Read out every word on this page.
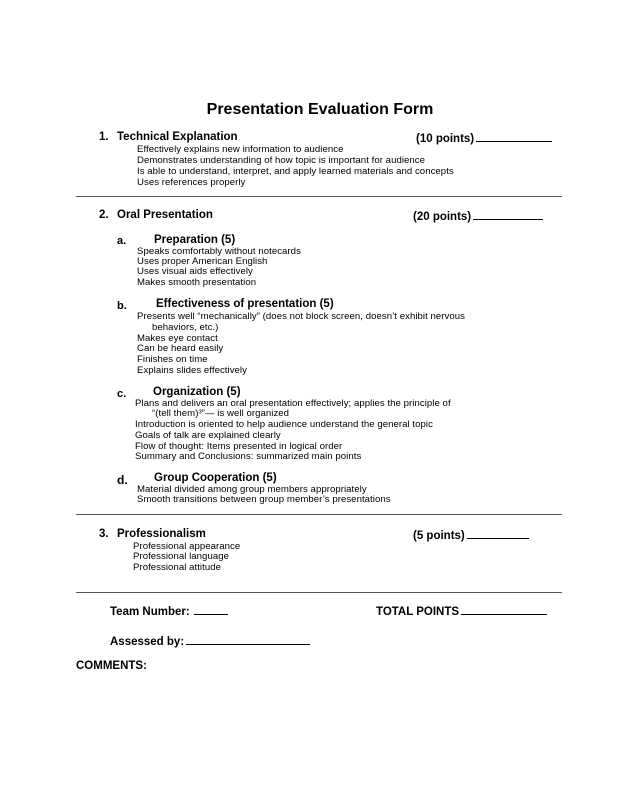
Presentation Evaluation Form
1. Technical Explanation	(10 points)
Effectively explains new information to audience
Demonstrates understanding of how topic is important for audience
Is able to understand, interpret, and apply learned materials and concepts
Uses references properly
2. Oral Presentation	(20 points)
a. Preparation (5)
Speaks comfortably without notecards
Uses proper American English
Uses visual aids effectively
Makes smooth presentation
b.	Effectiveness of presentation (5)
Presents well “mechanically” (does not block screen, doesn’t exhibit nervous
behaviors, etc.)
Makes eye contact
Can be heard easily
Finishes on time
Explains slides effectively
c. Organization (5)
Plans and delivers an oral presentation effectively; applies the principle of
“(tell them)³”— is well organized
Introduction is oriented to help audience understand the general topic
Goals of talk are explained clearly
Flow of thought: Items presented in logical order
Summary and Conclusions: summarized main points
d. Group Cooperation (5)
Material divided among group members appropriately
Smooth transitions between group member’s presentations
3. Professionalism	(5 points)
Professional appearance
Professional language
Professional attitude
Team Number:	TOTAL POINTS
Assessed by:
COMMENTS:
